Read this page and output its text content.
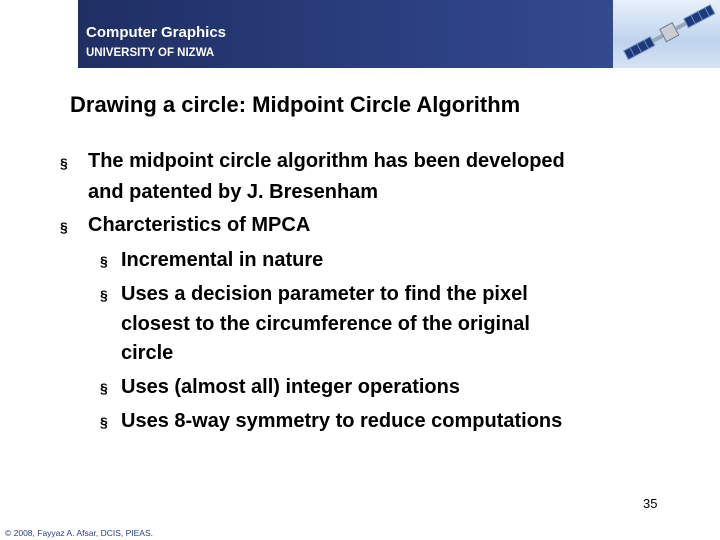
Computer Graphics
UNIVERSITY OF NIZWA
Drawing a circle: Midpoint Circle Algorithm
§ The midpoint circle algorithm has been developed
and patented by J. Bresenham
§ Charcteristics of MPCA
§ Incremental in nature
§ Uses a decision parameter to find the pixel
closest to the circumference of the original
circle
§ Uses (almost all) integer operations
§ Uses 8-way symmetry to reduce computations
35
© 2008, Fayyaz A. Afsar, DCIS, PIEAS.
